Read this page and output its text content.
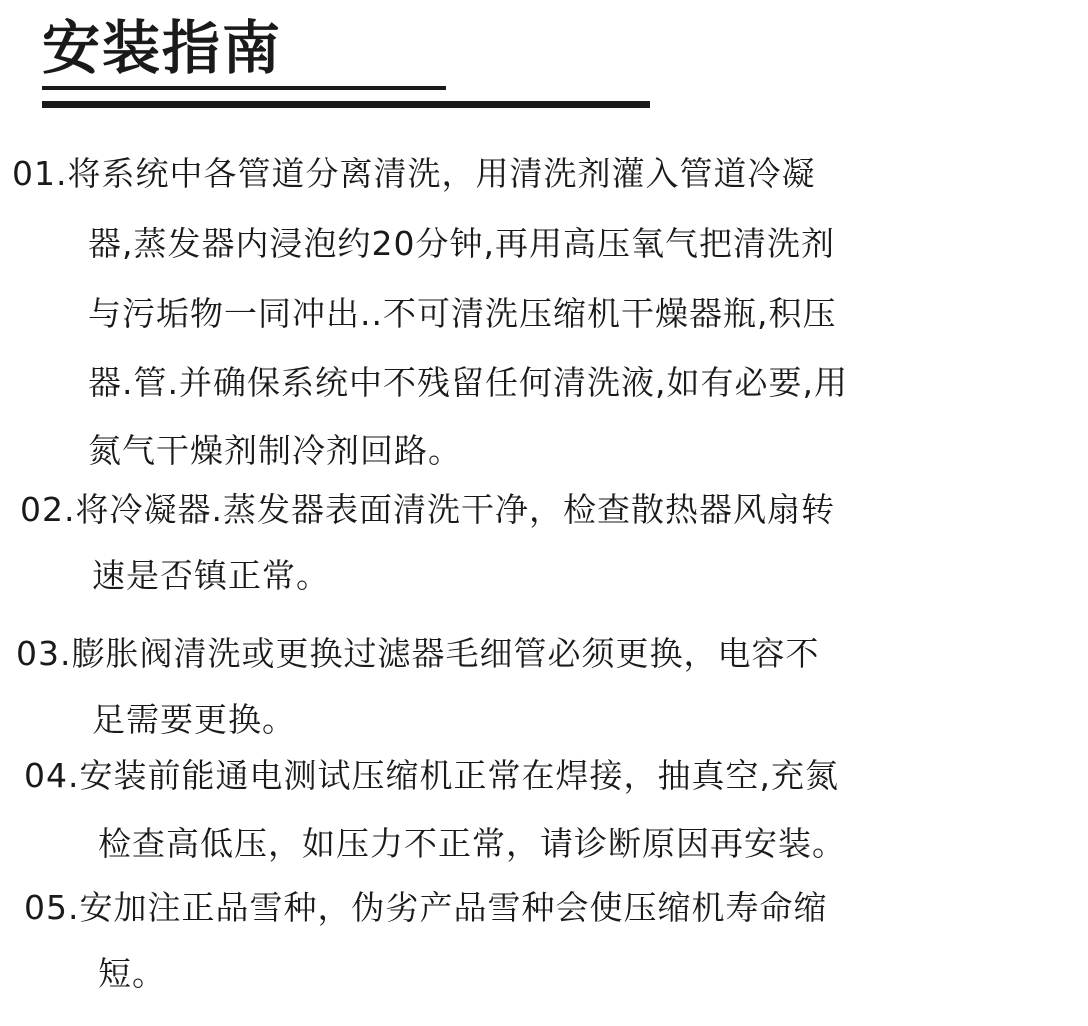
安装指南
01.将系统中各管道分离清洗，用清洗剂灌入管道冷凝
器,蒸发器内浸泡约20分钟,再用高压氧气把清洗剂
与污垢物一同冲出..不可清洗压缩机干燥器瓶,积压
器.管.并确保系统中不残留任何清洗液,如有必要,用
氮气干燥剂制冷剂回路。
02.将冷凝器.蒸发器表面清洗干净，检查散热器风扇转
速是否镇正常。
03.膨胀阀清洗或更换过滤器毛细管必须更换，电容不
足需要更换。
04.安装前能通电测试压缩机正常在焊接，抽真空,充氮
检查高低压，如压力不正常，请诊断原因再安装。
05.安加注正品雪种，伪劣产品雪种会使压缩机寿命缩
短。
